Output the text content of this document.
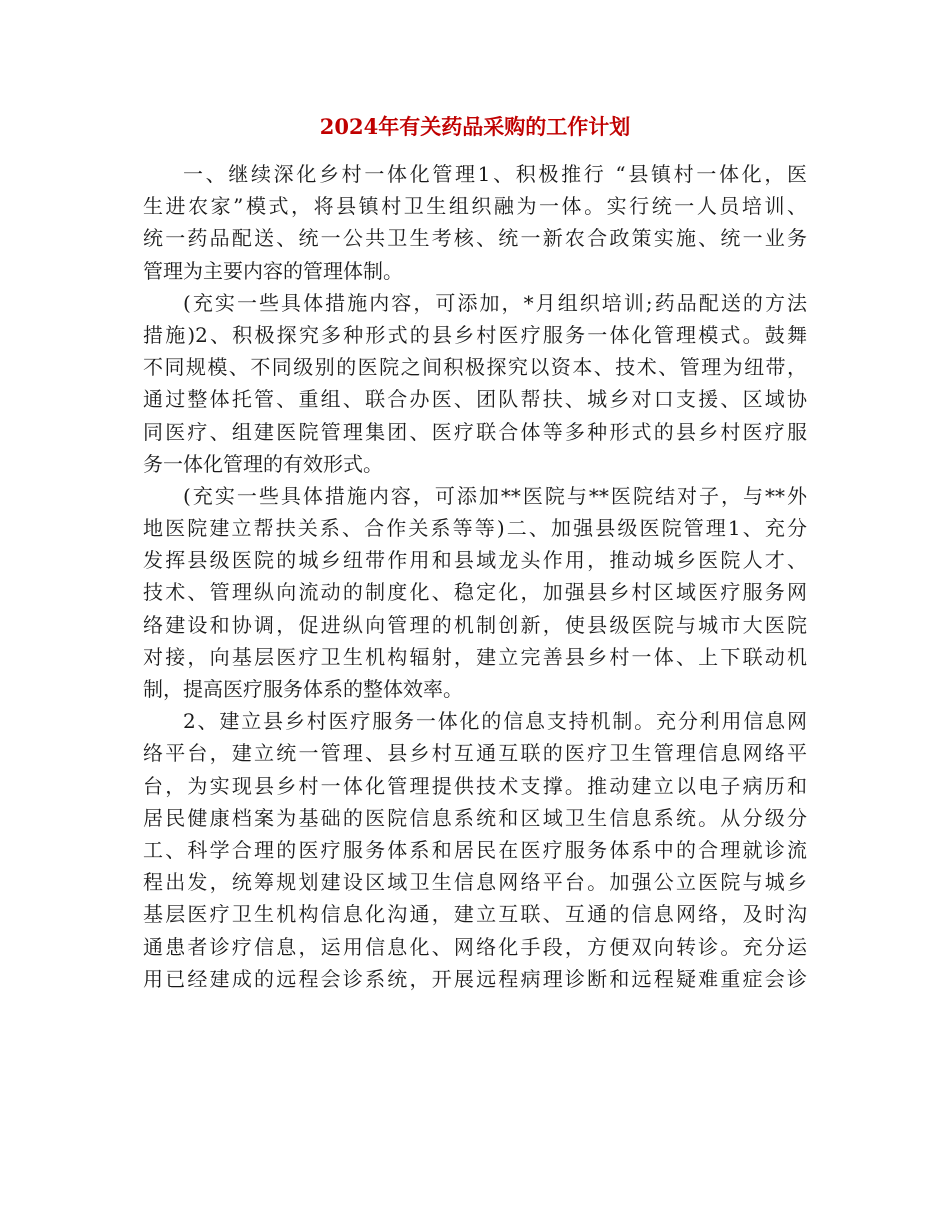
2024年有关药品采购的工作计划
一、继续深化乡村一体化管理1、积极推行 “县镇村一体化，医
生进农家”模式，将县镇村卫生组织融为一体。实行统一人员培训、
统一药品配送、统一公共卫生考核、统一新农合政策实施、统一业务
管理为主要内容的管理体制。
(充实一些具体措施内容，可添加，*月组织培训;药品配送的方法
措施)2、积极探究多种形式的县乡村医疗服务一体化管理模式。鼓舞
不同规模、不同级别的医院之间积极探究以资本、技术、管理为纽带，
通过整体托管、重组、联合办医、团队帮扶、城乡对口支援、区域协
同医疗、组建医院管理集团、医疗联合体等多种形式的县乡村医疗服
务一体化管理的有效形式。
(充实一些具体措施内容，可添加**医院与**医院结对子，与**外
地医院建立帮扶关系、合作关系等等)二、加强县级医院管理1、充分
发挥县级医院的城乡纽带作用和县域龙头作用，推动城乡医院人才、
技术、管理纵向流动的制度化、稳定化，加强县乡村区域医疗服务网
络建设和协调，促进纵向管理的机制创新，使县级医院与城市大医院
对接，向基层医疗卫生机构辐射，建立完善县乡村一体、上下联动机
制，提高医疗服务体系的整体效率。
2、建立县乡村医疗服务一体化的信息支持机制。充分利用信息网
络平台，建立统一管理、县乡村互通互联的医疗卫生管理信息网络平
台，为实现县乡村一体化管理提供技术支撑。推动建立以电子病历和
居民健康档案为基础的医院信息系统和区域卫生信息系统。从分级分
工、科学合理的医疗服务体系和居民在医疗服务体系中的合理就诊流
程出发，统筹规划建设区域卫生信息网络平台。加强公立医院与城乡
基层医疗卫生机构信息化沟通，建立互联、互通的信息网络，及时沟
通患者诊疗信息，运用信息化、网络化手段，方便双向转诊。充分运
用已经建成的远程会诊系统，开展远程病理诊断和远程疑难重症会诊
